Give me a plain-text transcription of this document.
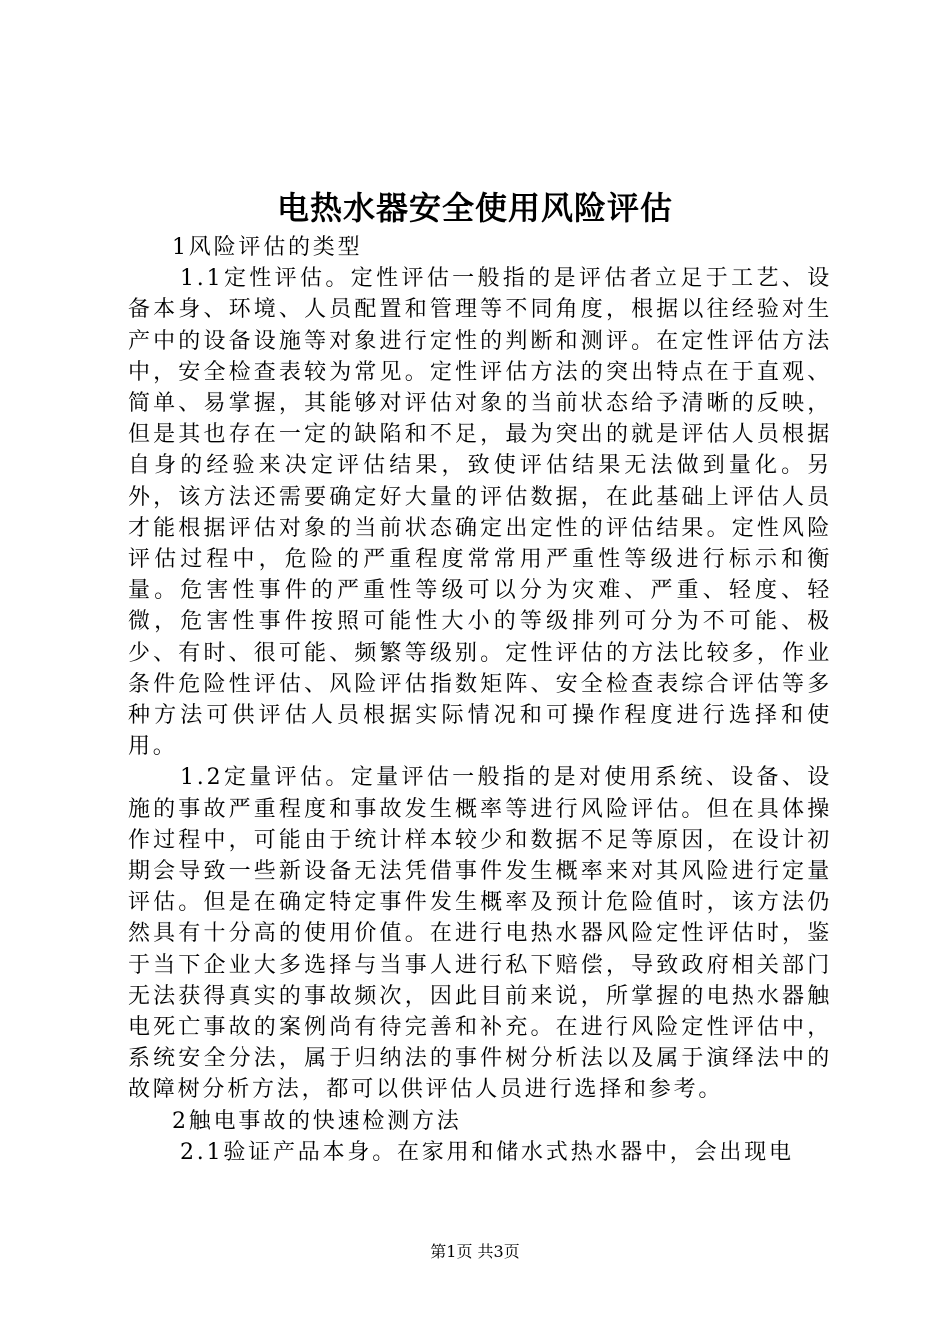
电热水器安全使用风险评估

1风险评估的类型

1.1定性评估。定性评估一般指的是评估者立足于工艺、设备本身、环境、人员配置和管理等不同角度，根据以往经验对生产中的设备设施等对象进行定性的判断和测评。在定性评估方法中，安全检查表较为常见。定性评估方法的突出特点在于直观、简单、易掌握，其能够对评估对象的当前状态给予清晰的反映，但是其也存在一定的缺陷和不足，最为突出的就是评估人员根据自身的经验来决定评估结果，致使评估结果无法做到量化。另外，该方法还需要确定好大量的评估数据，在此基础上评估人员才能根据评估对象的当前状态确定出定性的评估结果。定性风险评估过程中，危险的严重程度常常用严重性等级进行标示和衡量。危害性事件的严重性等级可以分为灾难、严重、轻度、轻微，危害性事件按照可能性大小的等级排列可分为不可能、极少、有时、很可能、频繁等级别。定性评估的方法比较多，作业条件危险性评估、风险评估指数矩阵、安全检查表综合评估等多种方法可供评估人员根据实际情况和可操作程度进行选择和使用。

1.2定量评估。定量评估一般指的是对使用系统、设备、设施的事故严重程度和事故发生概率等进行风险评估。但在具体操作过程中，可能由于统计样本较少和数据不足等原因，在设计初期会导致一些新设备无法凭借事件发生概率来对其风险进行定量评估。但是在确定特定事件发生概率及预计危险值时，该方法仍然具有十分高的使用价值。在进行电热水器风险定性评估时，鉴于当下企业大多选择与当事人进行私下赔偿，导致政府相关部门无法获得真实的事故频次，因此目前来说，所掌握的电热水器触电死亡事故的案例尚有待完善和补充。在进行风险定性评估中，系统安全分法，属于归纳法的事件树分析法以及属于演绎法中的故障树分析方法，都可以供评估人员进行选择和参考。

2触电事故的快速检测方法

2.1验证产品本身。在家用和储水式热水器中，会出现电

第1页 共3页
